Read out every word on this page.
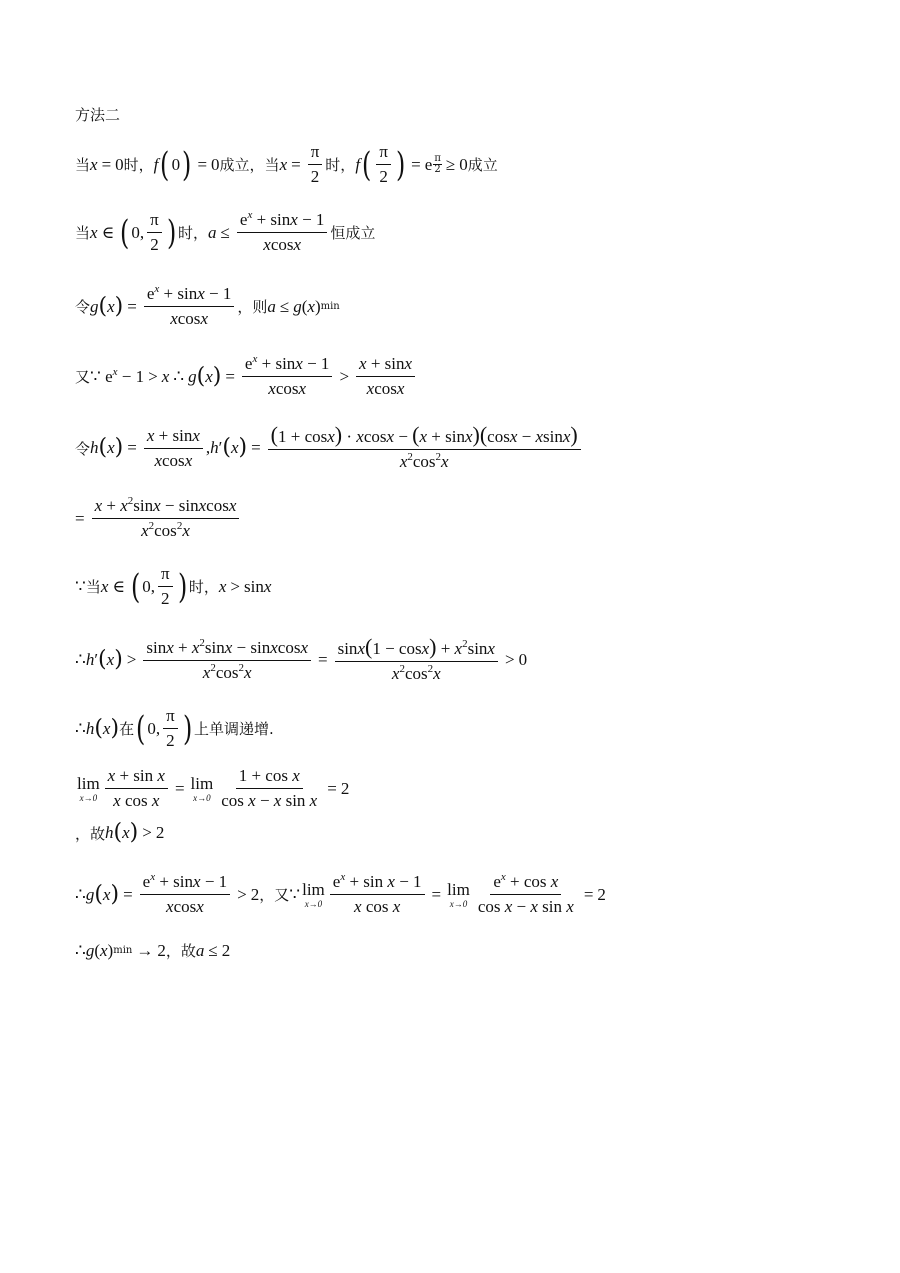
方法二
当 x = 0 时， f ( 0 ) = 0 成立， 当 $x = \frac{\pi}{2}$ 时， f ( $\frac{\pi}{2}$ ) = e $\frac{\pi}{2} \ge 0$ 成立
当 x ∈ ( 0, $\frac{\pi}{2}$ ) 时， $a \le \frac{e^x + \sin x - 1}{xcosx}$ 恒成立
令 g ( x ) = $\frac{e^x + \sin x - 1}{xcosx}$ ，则 a ≤ g ( x ) min
又 ∵ $e^x - 1 > x$ ∴ g ( x ) = $\frac{e^x + \sin x - 1}{xcosx} > \frac{x + \sin x}{xcosx}$
令 h ( x ) = $\frac{x + \sin x}{xcosx}$ , h ′ ( x ) = $\frac{(1 + \cos x) \cdot xcosx - (x + \sin x)(\cos x - xsinx)}{x^2\cos^2x}$
= $\frac{x + x^2\sin x - sinxcosx}{x^2\cos^2x}$
∵ 当 x ∈ ( 0, $\frac{\pi}{2}$ ) 时， x > sinx
∴ h ′ ( x ) > $\frac{\sin x + x^2\sin x - sinxcosx}{x^2\cos^2x} = \frac{\sin x(1 - \cos x) + x^2\sin x}{x^2\cos^2x} > 0$
∴ h ( x ) 在 ( 0, $\frac{\pi}{2}$ ) 上单调递增.
lim
$x\to 0 \frac{\text{x + sin x}}{\text{x cos x}} = \lim$
$x\to 0 \frac{\text{1 + cos x}}{\text{cos x − x sin x}} = 2$
，故 h ( x ) > 2
∴ g ( x ) = $\frac{e^x + \sin x - 1}{xcosx} > 2$ ，又 ∵ lim
$x\to 0 \frac{e^x + \sin x - 1}{\text{x cos x}} = \lim$
$x\to 0 \frac{e^x + \cos x}{\text{cos x − x sin x}} = 2$
∴ g ( x ) min → 2 ，故 a ≤ 2
